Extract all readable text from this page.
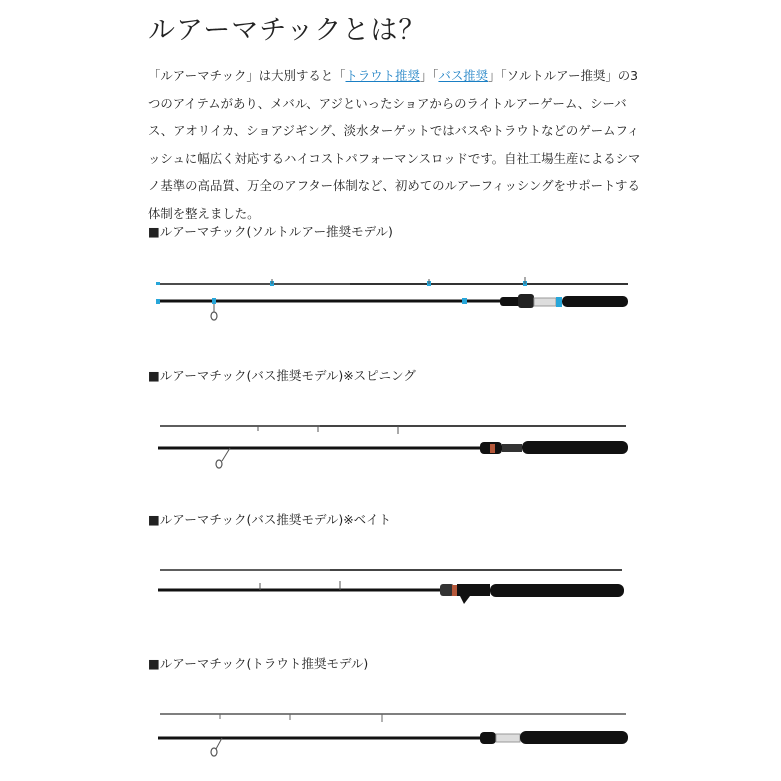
ルアーマチックとは？

「ルアーマチック」は大別すると「トラウト推奨」「バス推奨」「ソルトルアー推奨」の3つのアイテムがあり、メバル、アジといったショアからのライトルアーゲーム、シーバス、アオリイカ、ショアジギング、淡水ターゲットではバスやトラウトなどのゲームフィッシュに幅広く対応するハイコストパフォーマンスロッドです。自社工場生産によるシマノ基準の高品質、万全のアフター体制など、初めてのルアーフィッシングをサポートする体制を整えました。

■ルアーマチック(ソルトルアー推奨モデル)

■ルアーマチック(バス推奨モデル)※スピニング

■ルアーマチック(バス推奨モデル)※ベイト

■ルアーマチック(トラウト推奨モデル)
